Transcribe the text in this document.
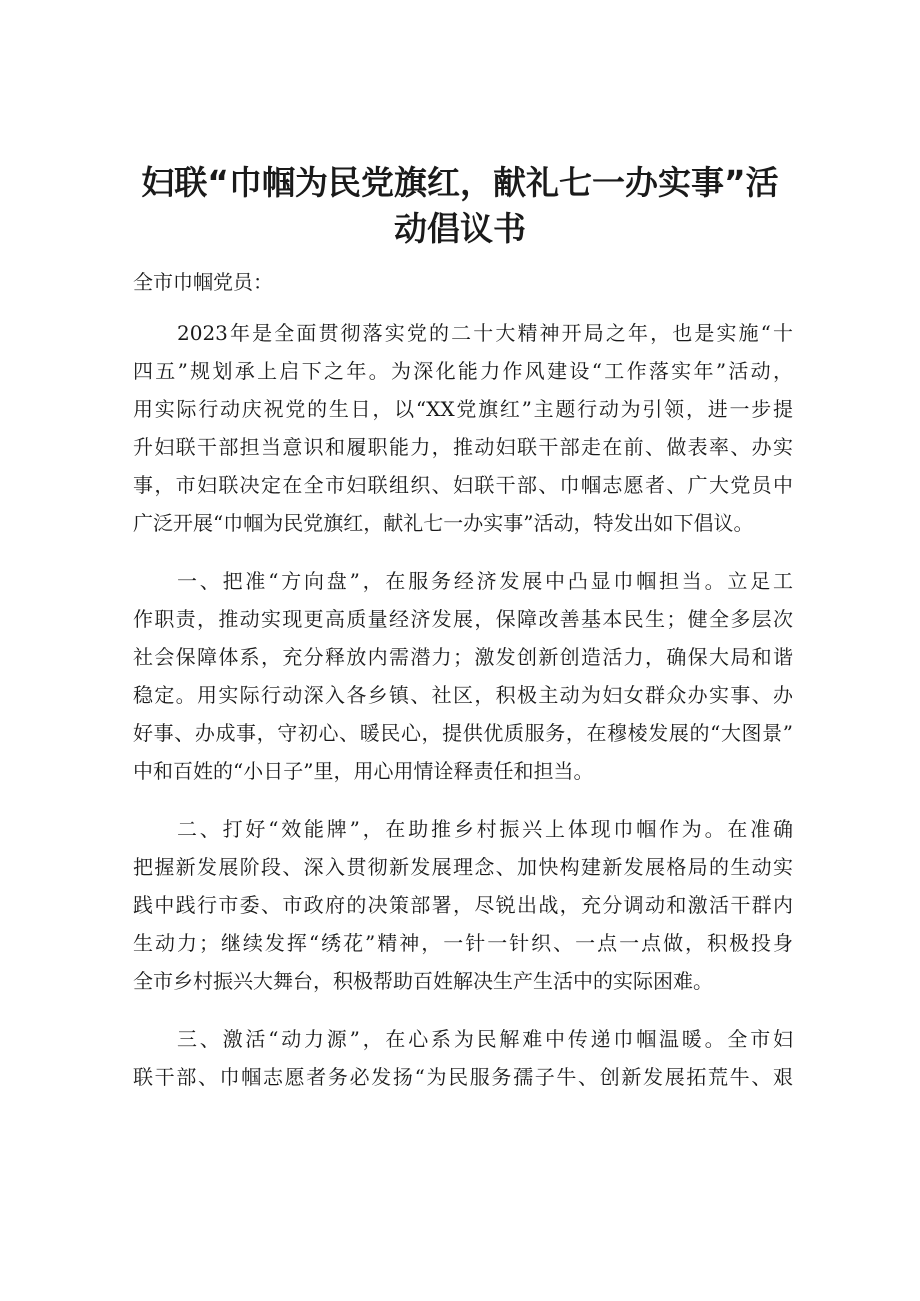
妇联“巾帼为民党旗红，献礼七一办实事”活
动倡议书

全市巾帼党员：

2023年是全面贯彻落实党的二十大精神开局之年，也是实施“十
四五”规划承上启下之年。为深化能力作风建设“工作落实年”活动，
用实际行动庆祝党的生日，以“XX党旗红”主题行动为引领，进一步提
升妇联干部担当意识和履职能力，推动妇联干部走在前、做表率、办实
事，市妇联决定在全市妇联组织、妇联干部、巾帼志愿者、广大党员中
广泛开展“巾帼为民党旗红，献礼七一办实事”活动，特发出如下倡议。
一、把准“方向盘”，在服务经济发展中凸显巾帼担当。立足工
作职责，推动实现更高质量经济发展，保障改善基本民生；健全多层次
社会保障体系，充分释放内需潜力；激发创新创造活力，确保大局和谐
稳定。用实际行动深入各乡镇、社区，积极主动为妇女群众办实事、办
好事、办成事，守初心、暖民心，提供优质服务，在穆棱发展的“大图景”
中和百姓的“小日子”里，用心用情诠释责任和担当。
二、打好“效能牌”，在助推乡村振兴上体现巾帼作为。在准确
把握新发展阶段、深入贯彻新发展理念、加快构建新发展格局的生动实
践中践行市委、市政府的决策部署，尽锐出战，充分调动和激活干群内
生动力；继续发挥“绣花”精神，一针一针织、一点一点做，积极投身
全市乡村振兴大舞台，积极帮助百姓解决生产生活中的实际困难。
三、激活“动力源”，在心系为民解难中传递巾帼温暖。全市妇
联干部、巾帼志愿者务必发扬“为民服务孺子牛、创新发展拓荒牛、艰
